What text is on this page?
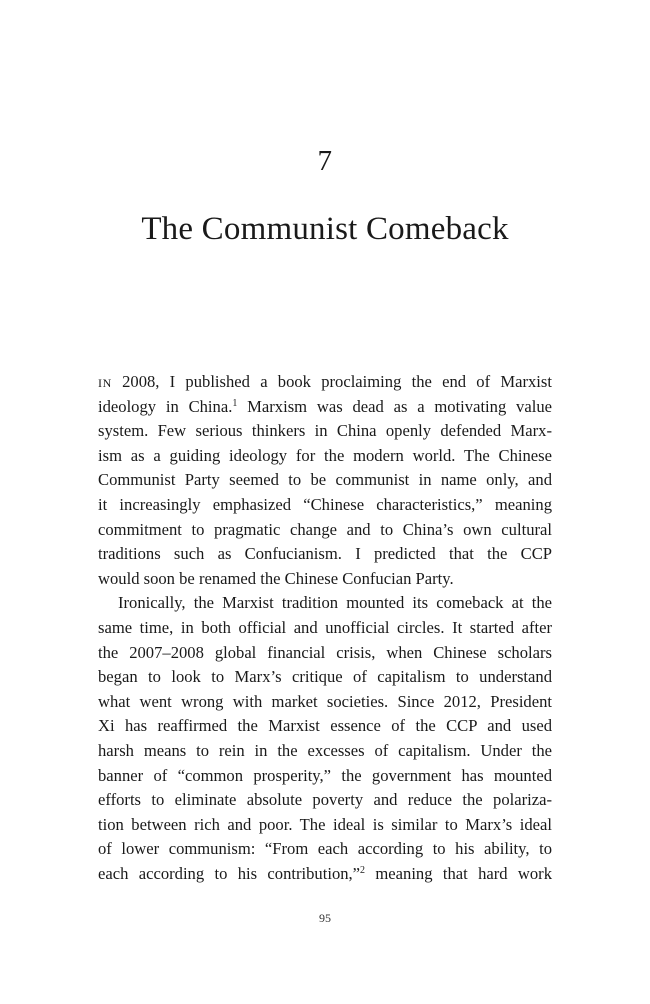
7
The Communist Comeback
in 2008, I published a book proclaiming the end of Marxist
ideology in China.$^1$ Marxism was dead as a motivating value
system. Few serious thinkers in China openly defended Marx-
ism as a guiding ideology for the modern world. The Chinese
Communist Party seemed to be communist in name only, and
it increasingly emphasized “Chinese characteristics,” meaning
commitment to pragmatic change and to China’s own cultural
traditions such as Confucianism. I predicted that the CCP
would soon be renamed the Chinese Confucian Party.
Ironically, the Marxist tradition mounted its comeback at the
same time, in both official and unofficial circles. It started after
the 2007–2008 global financial crisis, when Chinese scholars
began to look to Marx’s critique of capitalism to understand
what went wrong with market societies. Since 2012, President
Xi has reaffirmed the Marxist essence of the CCP and used
harsh means to rein in the excesses of capitalism. Under the
banner of “common prosperity,” the government has mounted
efforts to eliminate absolute poverty and reduce the polariza-
tion between rich and poor. The ideal is similar to Marx’s ideal
of lower communism: “From each according to his ability, to
each according to his contribution,”$^2$ meaning that hard work
95
